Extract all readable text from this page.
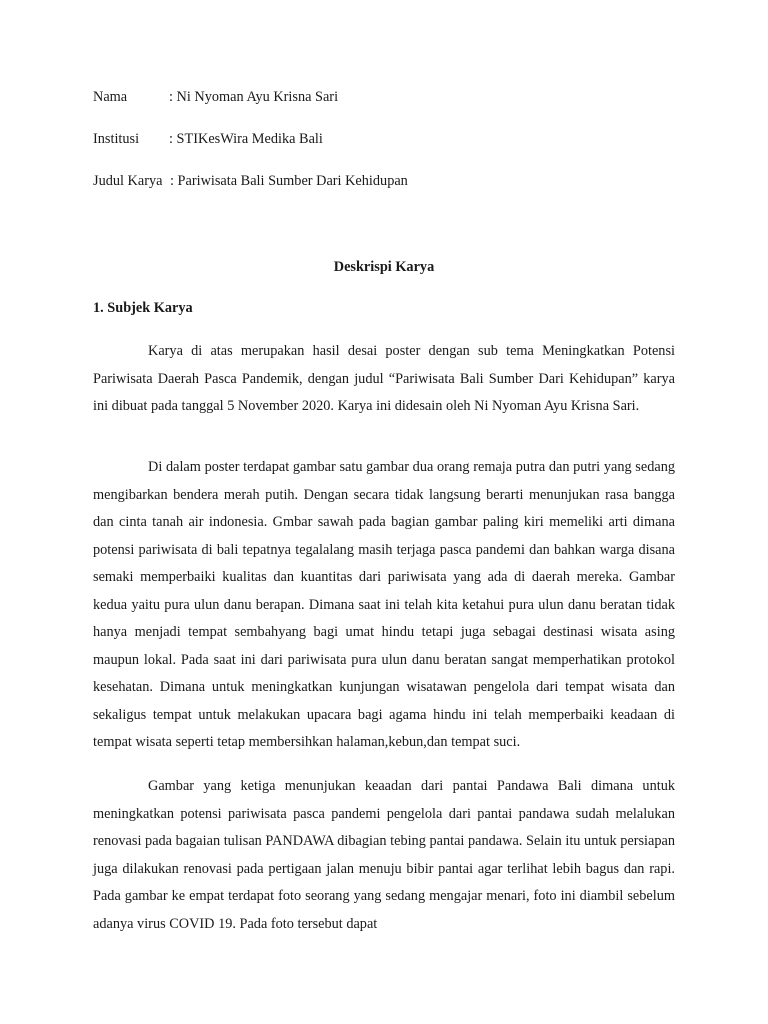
Nama	: Ni Nyoman Ayu Krisna Sari
Institusi : STIKesWira Medika Bali
Judul Karya : Pariwisata Bali Sumber Dari Kehidupan
Deskrispi Karya
1. Subjek Karya

Karya di atas merupakan hasil desai poster dengan sub tema Meningkatkan Potensi Pariwisata Daerah Pasca Pandemik, dengan judul “Pariwisata Bali Sumber Dari Kehidupan” karya ini dibuat pada tanggal 5 November 2020. Karya ini didesain oleh Ni Nyoman Ayu Krisna Sari.

Di dalam poster terdapat gambar satu gambar dua orang remaja putra dan putri yang sedang mengibarkan bendera merah putih. Dengan secara tidak langsung berarti menunjukan rasa bangga dan cinta tanah air indonesia. Gmbar sawah pada bagian gambar paling kiri memeliki arti dimana potensi pariwisata di bali tepatnya tegalalang masih terjaga pasca pandemi dan bahkan warga disana semaki memperbaiki kualitas dan kuantitas dari pariwisata yang ada di daerah mereka. Gambar kedua yaitu pura ulun danu berapan. Dimana saat ini telah kita ketahui pura ulun danu beratan tidak hanya menjadi tempat sembahyang bagi umat hindu tetapi juga sebagai destinasi wisata asing maupun lokal. Pada saat ini dari pariwisata pura ulun danu beratan sangat memperhatikan protokol kesehatan. Dimana untuk meningkatkan kunjungan wisatawan pengelola dari tempat wisata dan sekaligus tempat untuk melakukan upacara bagi agama hindu ini telah memperbaiki keadaan di tempat wisata seperti tetap membersihkan halaman,kebun,dan tempat suci.

Gambar yang ketiga menunjukan keaadan dari pantai Pandawa Bali dimana untuk meningkatkan potensi pariwisata pasca pandemi pengelola dari pantai pandawa sudah melalukan renovasi pada bagaian tulisan PANDAWA dibagian tebing pantai pandawa. Selain itu untuk persiapan juga dilakukan renovasi pada pertigaan jalan menuju bibir pantai agar terlihat lebih bagus dan rapi. Pada gambar ke empat terdapat foto seorang yang sedang mengajar menari, foto ini diambil sebelum adanya virus COVID 19. Pada foto tersebut dapat
